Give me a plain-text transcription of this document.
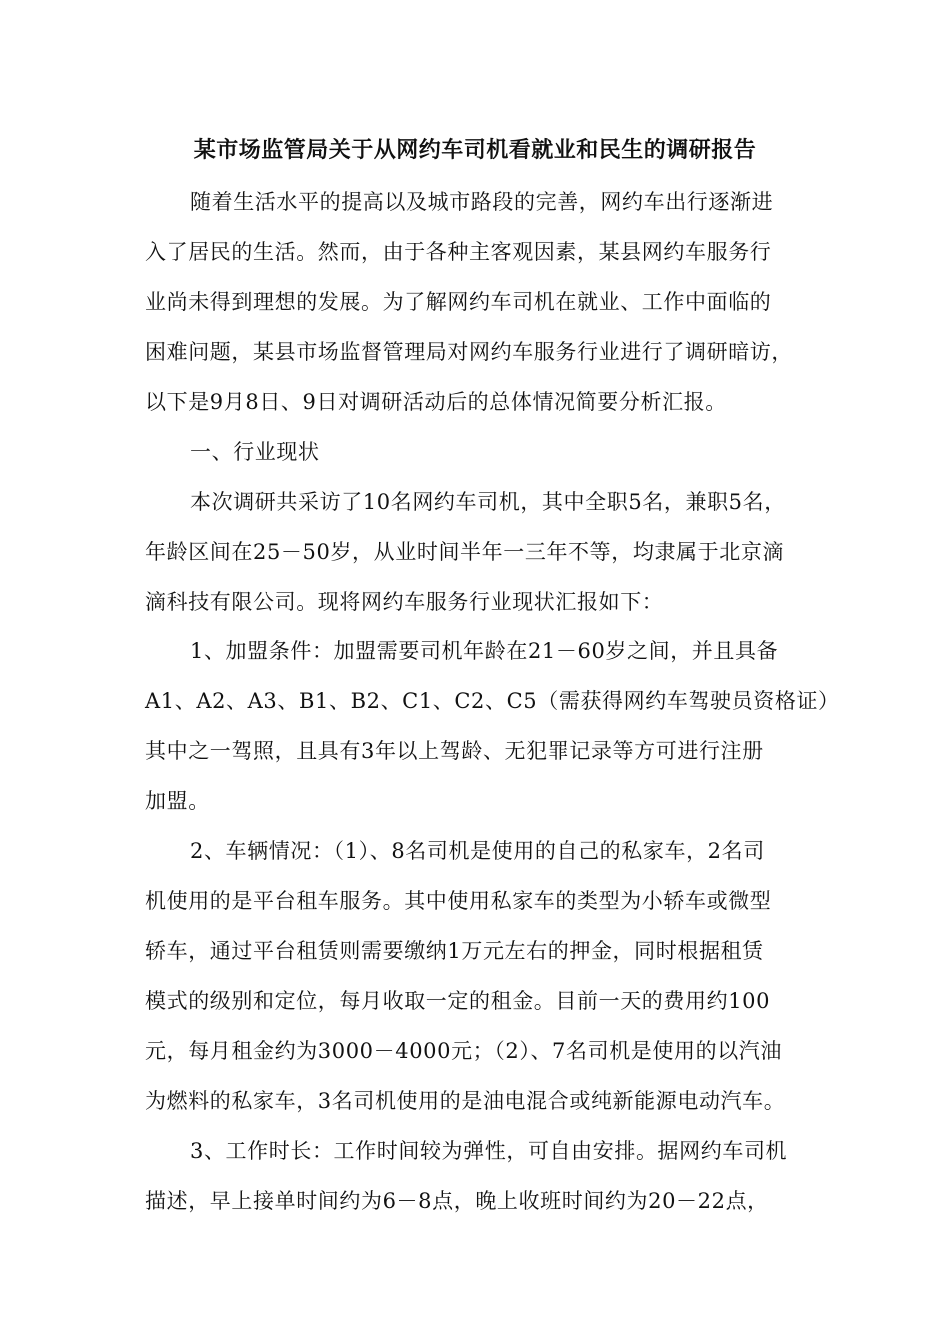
某市场监管局关于从网约车司机看就业和民生的调研报告
随着生活水平的提高以及城市路段的完善，网约车出行逐渐进
入了居民的生活。然而，由于各种主客观因素，某县网约车服务行
业尚未得到理想的发展。为了解网约车司机在就业、工作中面临的
困难问题，某县市场监督管理局对网约车服务行业进行了调研暗访，
以下是9月8日、9日对调研活动后的总体情况简要分析汇报。
一、行业现状
本次调研共采访了10名网约车司机，其中全职5名，兼职5名，
年龄区间在25－50岁，从业时间半年一三年不等，均隶属于北京滴
滴科技有限公司。现将网约车服务行业现状汇报如下：
1、加盟条件：加盟需要司机年龄在21－60岁之间，并且具备
A1、A2、A3、B1、B2、C1、C2、C5（需获得网约车驾驶员资格证）
其中之一驾照，且具有3年以上驾龄、无犯罪记录等方可进行注册
加盟。
2、车辆情况：（1）、8名司机是使用的自己的私家车，2名司
机使用的是平台租车服务。其中使用私家车的类型为小轿车或微型
轿车，通过平台租赁则需要缴纳1万元左右的押金，同时根据租赁
模式的级别和定位，每月收取一定的租金。目前一天的费用约100
元，每月租金约为3000－4000元；（2）、7名司机是使用的以汽油
为燃料的私家车，3名司机使用的是油电混合或纯新能源电动汽车。
3、工作时长：工作时间较为弹性，可自由安排。据网约车司机
描述，早上接单时间约为6－8点，晚上收班时间约为20－22点，
